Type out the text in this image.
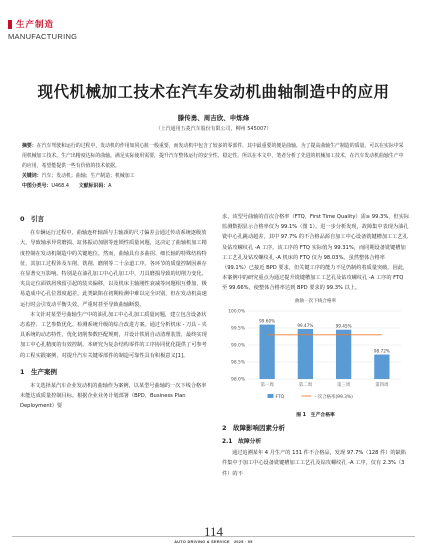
生产制造
MANUFACTURING
现代机械加工技术在汽车发动机曲轴制造中的应用
滕传勇、周吉欣、申炼烽
（上汽通用五菱汽车股份有限公司，柳州 545007）
摘要：在汽车驾驶和运行的过程中，发动机的作用如同心脏一般重要，而发动机中包含了较多的零部件，其中最重要的便是曲轴。为了提高曲轴生产制造的质量，可以在实际中采用机械加工技术。生产出精度达标的曲轴。满足实际使用需要，提升汽车整体运行的安全性、稳定性。所以在本文中，笔者分析了先进的机械加工技术，在汽车发动机曲轴生产中的应用，希望能提供一些有价值的技术依据。
关键词：汽车；发动机；曲轴；生产制造；机械加工
中图分类号：U468.4　　 文献标识码：A
0　引言
在车辆运行过程中，曲轴连杆轴颈与主轴颈的尺寸偏差会通过传动系统逐级放大，导致轴承异常磨损、缸体振动加剧等连锁性质量问题，这决定了曲轴机加工精度控制在发动机制造中的关键地位。然而，曲轴具有多曲拐、细长轴的特殊结构特征，其加工过程涉及车削、铣削、磨削等二十余道工序。各环节的质量控制因素存在显著交互影响。特别是在油孔加工中心孔加工中，刀具磨损导致的切削力变化、夹具定位面铁屑残留引起的装夹偏移，以及机床主轴刚性衰减等问题相互叠加，极易造成中心孔位置度超差。此类缺陷在初期检测中难以完全识别，但在发动机高速运行时会引发动平衡失效，严重时甚至导致曲轴断裂。
本文针对某型号曲轴生产中的油孔加工中心孔加工质量问题，建立包含设备状态监控、工艺参数优化、检测系统升级的综合改进方案。通过分析机床 - 刀具 - 夹具系统的动态特性，优化切削参数匹配规则，并设计铁屑自动清理装置，最终实现加工中心孔精度的有效控制。本研究为复杂结构零件的工序协同优化提供了可参考的工程实践案例，对提升汽车关键零部件的制造可靠性具有积极意义[1]。
1　生产案例
本文选择某汽车企业发动机的曲轴作为案例，以某型号曲轴的一次下线合格率未能达成质量控制目标。根据企业业务计划部署（BPD，Business Plan Deployment）要
求，该型号曲轴的首次合格率（FTQ，First Time Quality）需≥ 99.3%，但实际监测数据显示合格率仅为 99.1%（图 1）。进一步分析发现，故障集中表现为油孔铣中心孔跳动超差，其中 97.7% 的不合格品源自加工中心设备铣键槽加工工艺孔及钻攻螺纹孔 -A 工序。该工序的 FTQ 实际值为 99.31%，而同期设备铣键槽加工工艺孔及钻攻螺纹孔 -A 机床的 FTQ 仅为 98.03%。虽然整体合格率（99.1%）已接近 BPD 要求，但关键工序的能力不足仍制约着质量突破。因此，本案例中的研究重点为通过提升铣键槽加工工艺孔及钻攻螺纹孔 -A 工序的 FTQ 至 99.66%，使整体合格率达到 BPD 要求的 99.3% 以上。
曲轴一次下线合格率
100.0%
99.5%
99.0%
98.5%
98.0%
99.60%
第一周
99.47%
第二周
99.45%
第三周
98.72%
第四周
FTQ	一次合格率(99.3%)
图 1　生产合格率
2　故障影响因素分析
2.1　故障分析
通过追溯某年 4 月生产的 131 件不合格品，发现 97.7%（128 件）的缺陷件集中于加工中心设备铣键槽加工工艺孔及钻攻螺纹孔 -A 工序，仅有 2.3%（3 件）的不
114
AUTO DRIVING & SERVICE　2025 · 05
